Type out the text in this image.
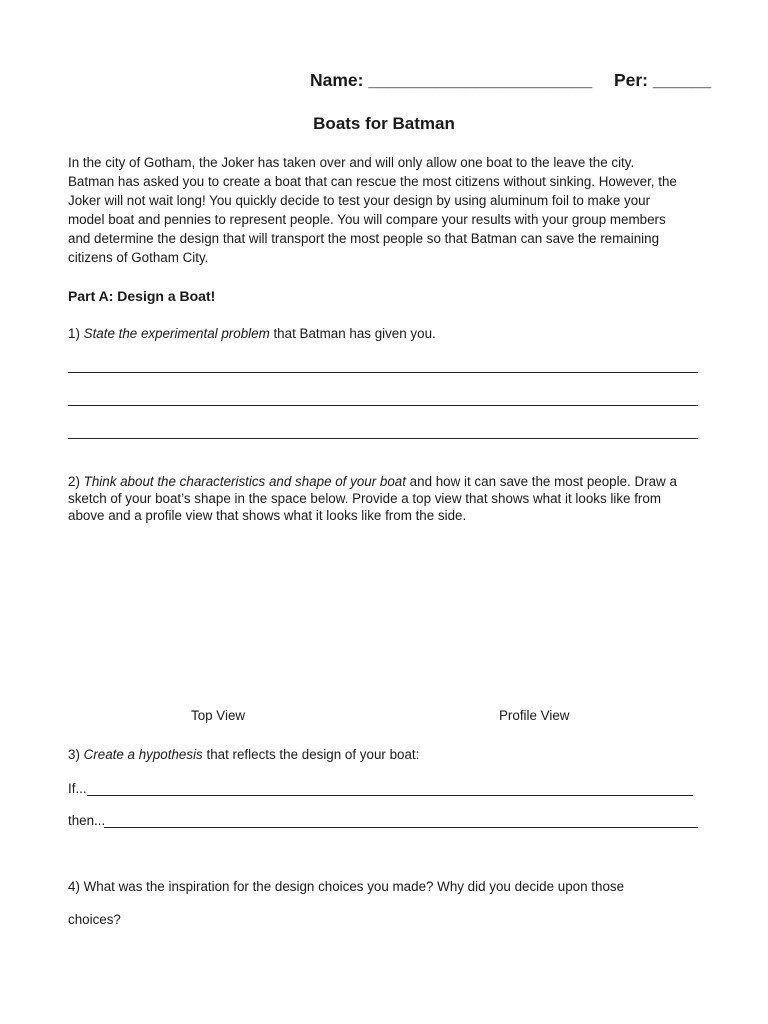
Name: _______________________ Per: ______
Boats for Batman
In the city of Gotham, the Joker has taken over and will only allow one boat to the leave the city.
Batman has asked you to create a boat that can rescue the most citizens without sinking. However, the
Joker will not wait long! You quickly decide to test your design by using aluminum foil to make your
model boat and pennies to represent people. You will compare your results with your group members
and determine the design that will transport the most people so that Batman can save the remaining
citizens of Gotham City.
Part A: Design a Boat!
1) State the experimental problem that Batman has given you.
2) Think about the characteristics and shape of your boat and how it can save the most people. Draw a
sketch of your boat’s shape in the space below. Provide a top view that shows what it looks like from
above and a profile view that shows what it looks like from the side.
Top View	Profile View
3) Create a hypothesis that reflects the design of your boat:
If...
then...
4) What was the inspiration for the design choices you made? Why did you decide upon those
choices?
